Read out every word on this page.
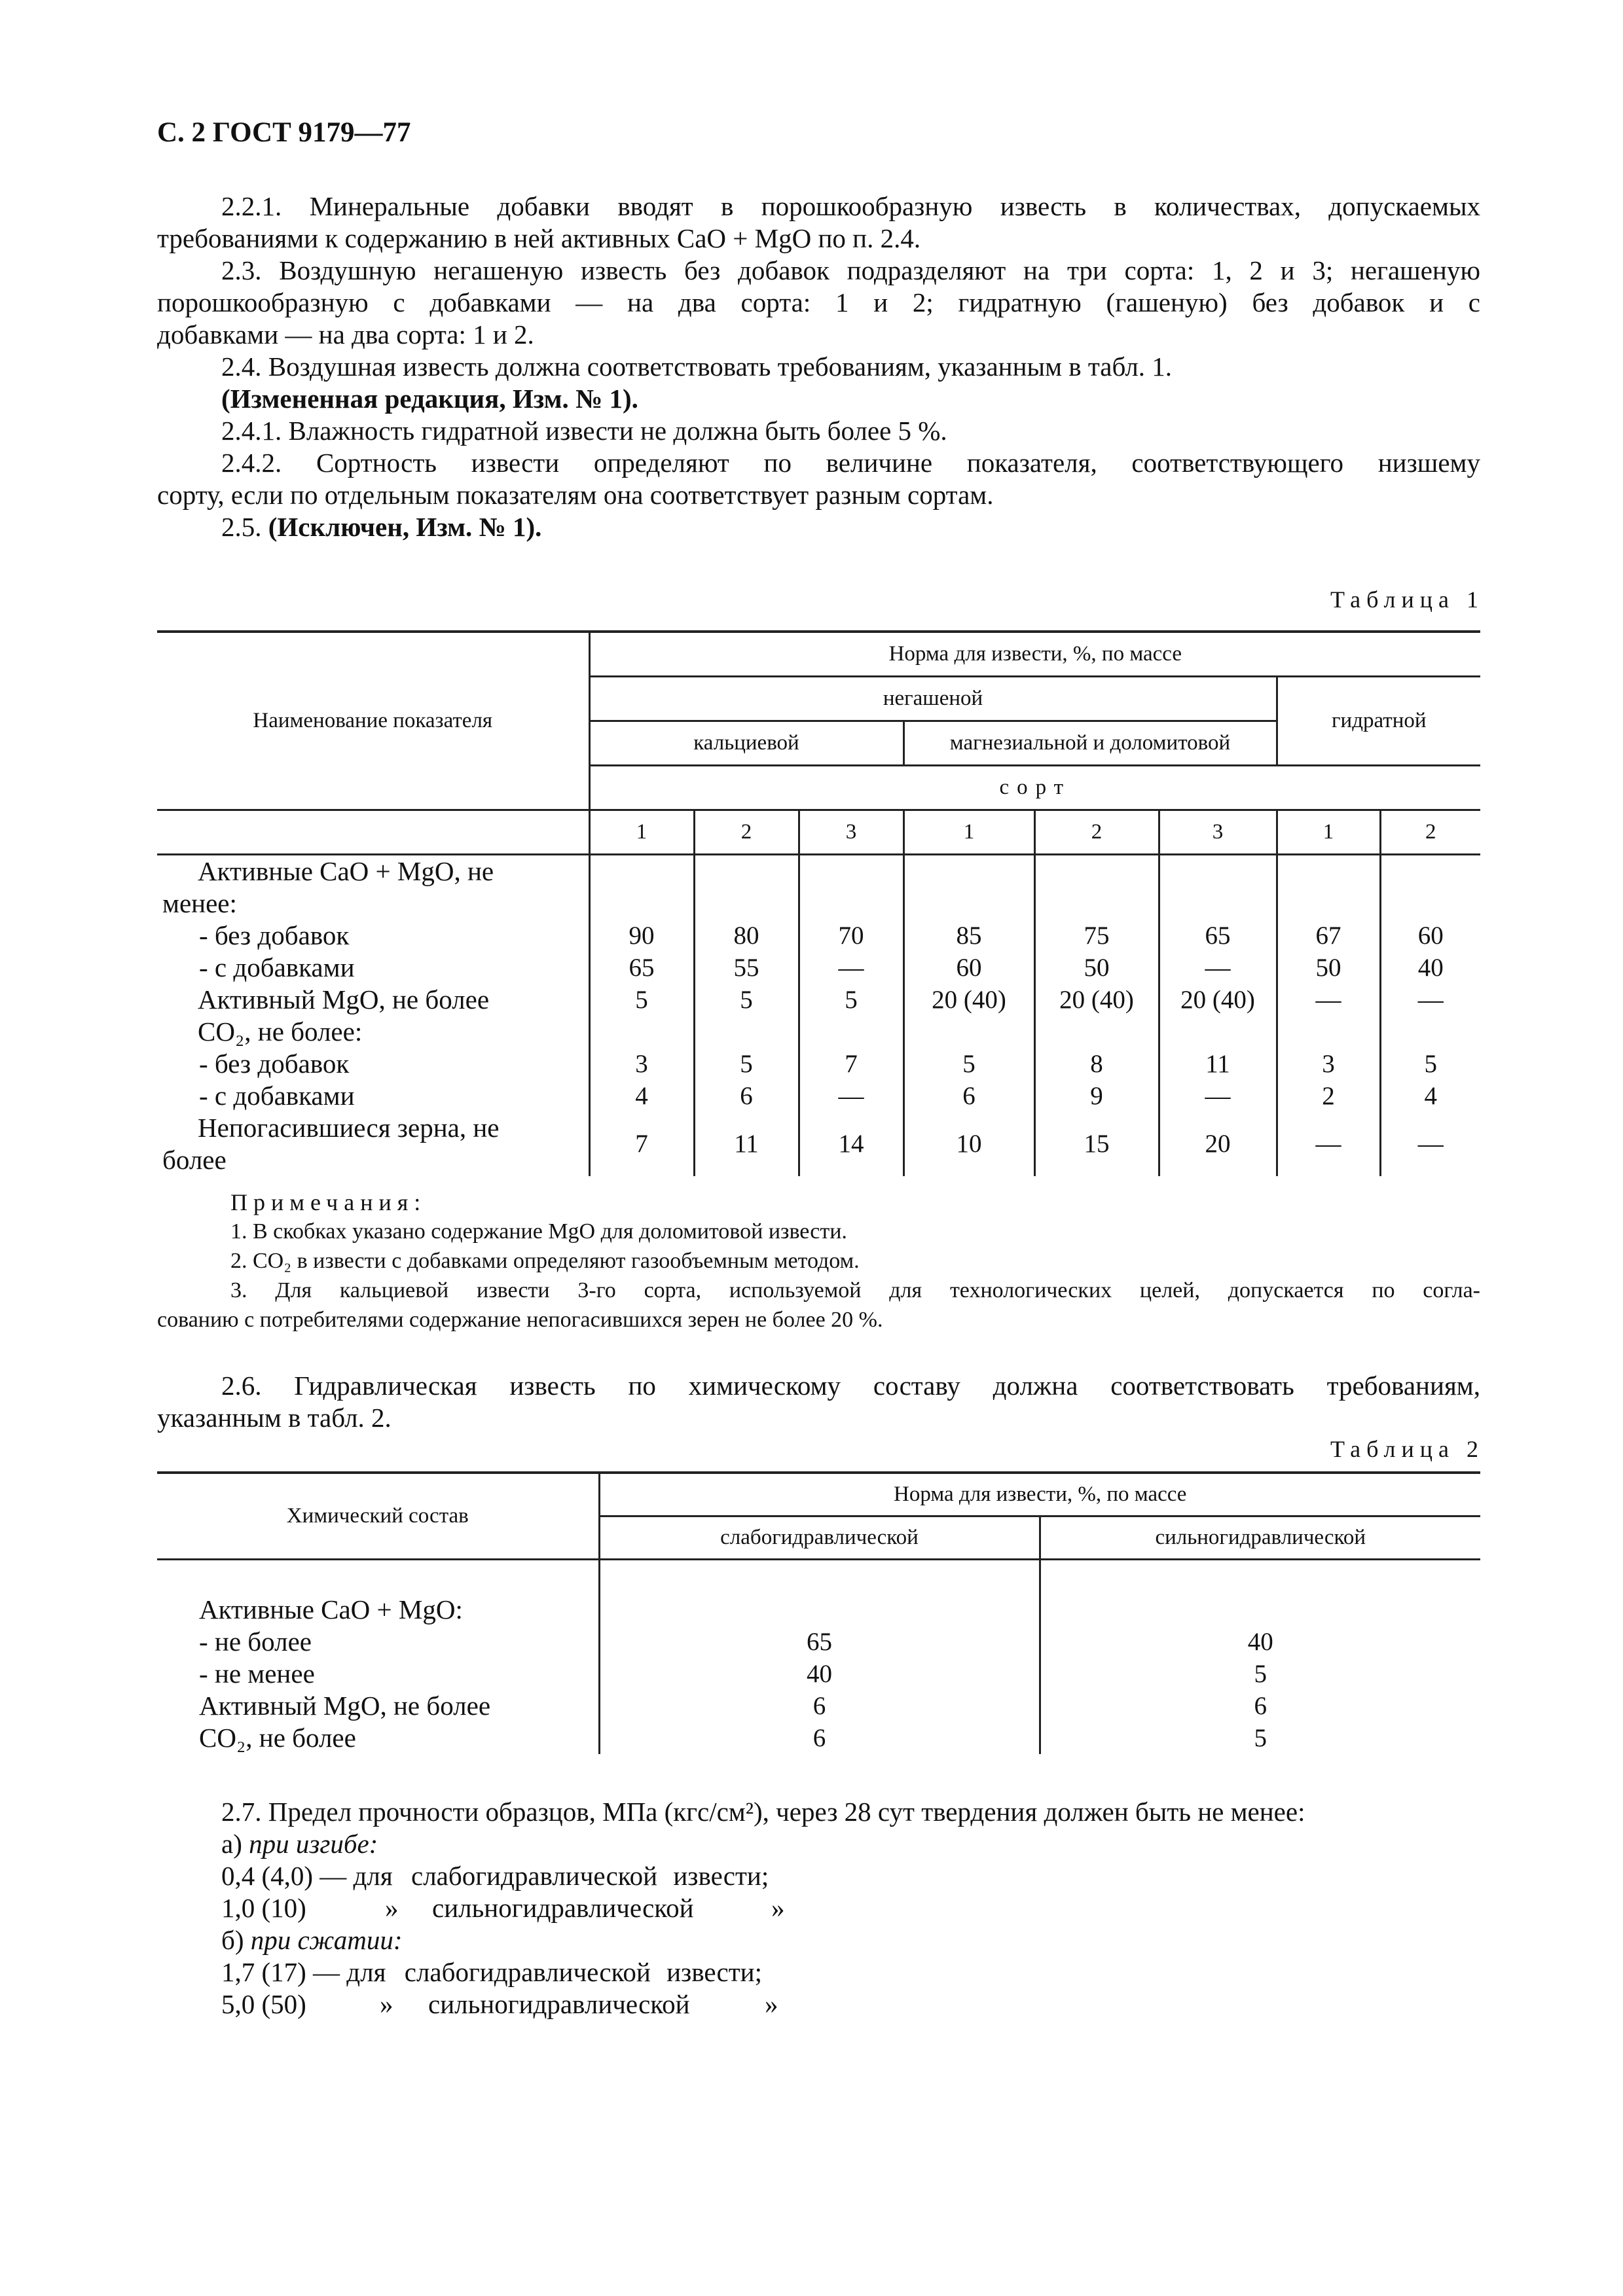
С. 2 ГОСТ 9179—77
2.2.1. Минеральные добавки вводят в порошкообразную известь в количествах, допускаемых
требованиями к содержанию в ней активных CaO + MgO по п. 2.4.
2.3. Воздушную негашеную известь без добавок подразделяют на три сорта: 1, 2 и 3; негашеную
порошкообразную с добавками — на два сорта: 1 и 2; гидратную (гашеную) без добавок и с
добавками — на два сорта: 1 и 2.
2.4. Воздушная известь должна соответствовать требованиям, указанным в табл. 1.
(Измененная редакция, Изм. № 1).
2.4.1. Влажность гидратной извести не должна быть более 5 %.
2.4.2. Сортность извести определяют по величине показателя, соответствующего низшему
сорту, если по отдельным показателям она соответствует разным сортам.
2.5. (Исключен, Изм. № 1).
Таблица 1
Наименование показателя	Норма для извести, %, по массе							
	негашеной						гидратной	
	кальциевой			магнезиальной и доломитовой				
	сорт							
	1	2	3	1	2	3	1	2

Активные CaO + MgO, не
менее:								

- без добавок	90	80	70	85	75	65	67	60
- с добавками	65	55	—	60	50	—	50	40
Активный MgO, не более	5	5	5	20 (40)	20 (40)	20 (40)	—	—
CO₂, не более:								
- без добавок	3	5	7	5	8	11	3	5
- с добавками	4	6	—	6	9	—	2	4

Непогасившиеся зерна, не
более	7	11	14	10	15	20	—	—
Примечания:
1. В скобках указано содержание MgO для доломитовой извести.
2. CO₂ в извести с добавками определяют газообъемным методом.
3. Для кальциевой извести 3-го сорта, используемой для технологических целей, допускается по согла-
сованию с потребителями содержание непогасившихся зерен не более 20 %.
2.6. Гидравлическая известь по химическому составу должна соответствовать требованиям,
указанным в табл. 2.
Таблица 2
Химический состав	Норма для извести, %, по массе	
	слабогидравлической	сильногидравлической

Активные CaO + MgO:		

- не более	65	40
- не менее	40	5
Активный MgO, не более	6	6
CO₂, не более	6	5
2.7. Предел прочности образцов, МПа (кгс/см²), через 28 сут твердения должен быть не менее:
а) при изгибе:
0,4 (4,0) — для слабогидравлической извести;
1,0 (10)	» сильногидравлической	»
б) при сжатии:
1,7 (17) — для слабогидравлической извести;
5,0 (50)	» сильногидравлической	»
